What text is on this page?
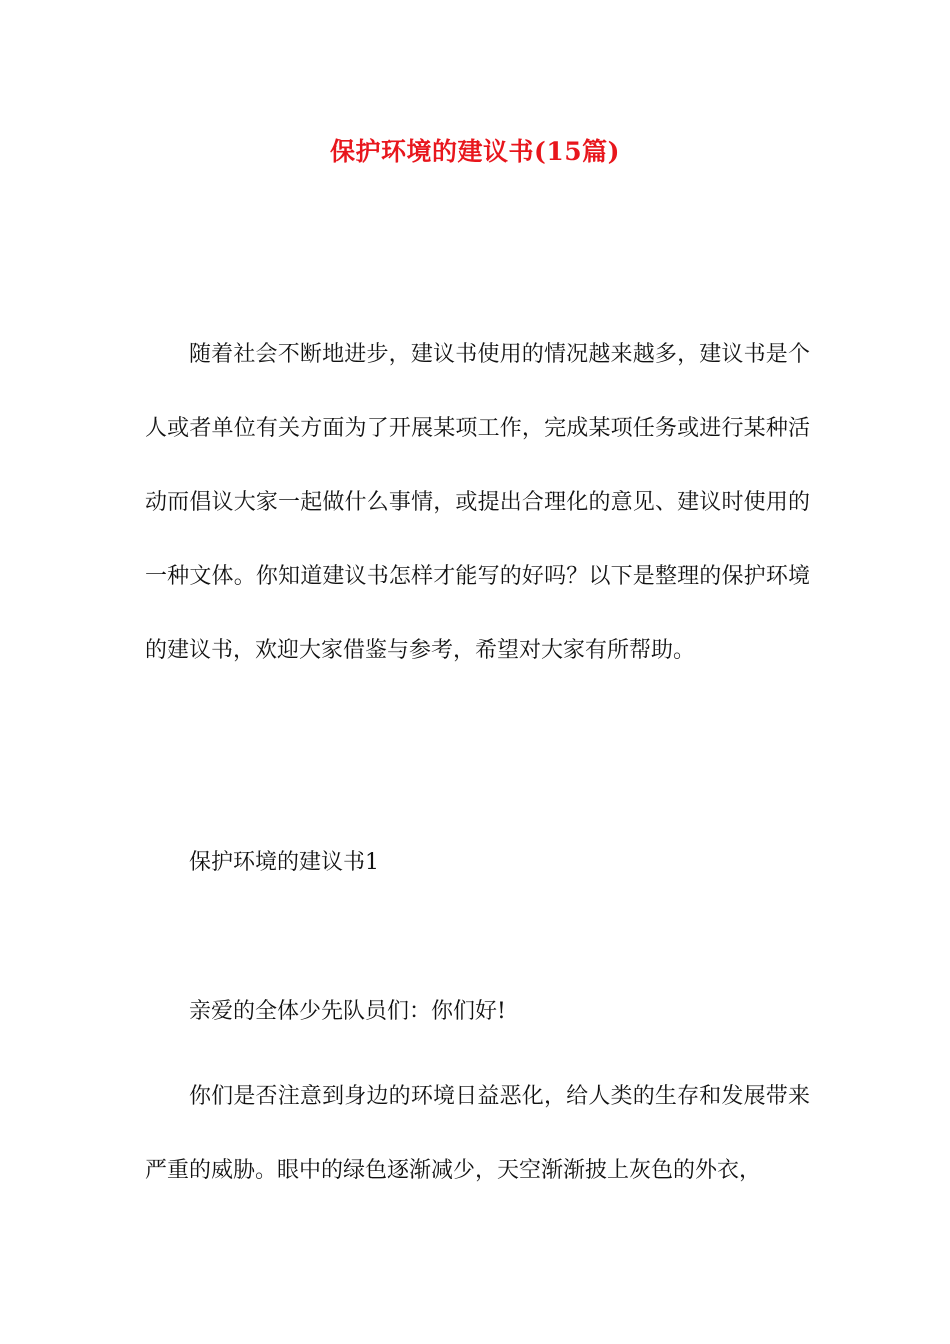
保护环境的建议书(15篇)
随着社会不断地进步，建议书使用的情况越来越多，建议书是个人或者单位有关方面为了开展某项工作，完成某项任务或进行某种活动而倡议大家一起做什么事情，或提出合理化的意见、建议时使用的一种文体。你知道建议书怎样才能写的好吗？以下是整理的保护环境的建议书，欢迎大家借鉴与参考，希望对大家有所帮助。
保护环境的建议书1
亲爱的全体少先队员们：你们好!
你们是否注意到身边的环境日益恶化，给人类的生存和发展带来严重的威胁。眼中的绿色逐渐减少，天空渐渐披上灰色的外衣，
